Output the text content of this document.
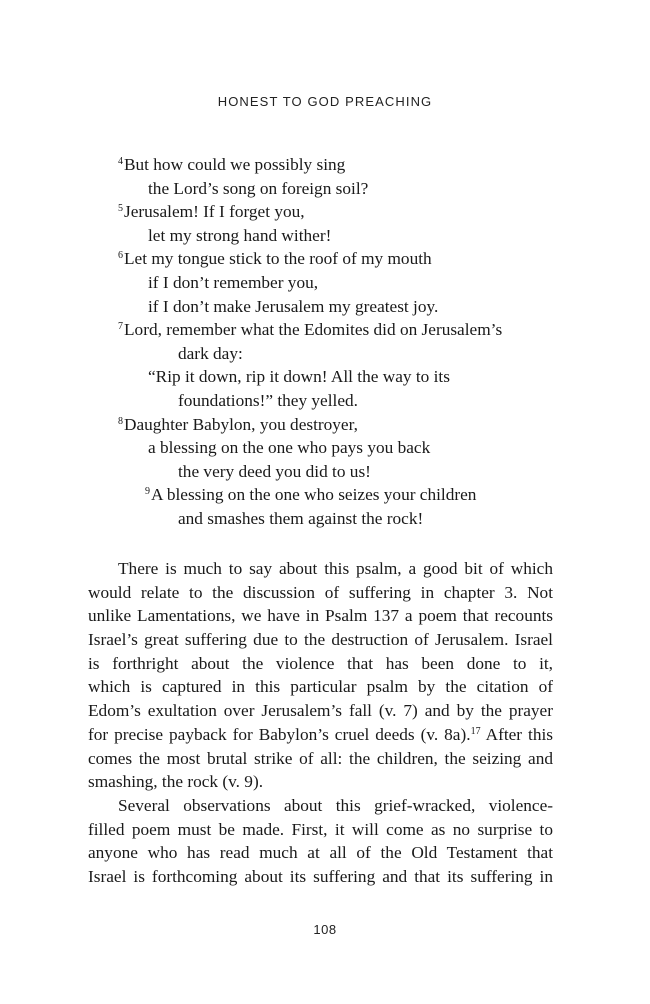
HONEST TO GOD PREACHING
$^4$But how could we possibly sing
the Lord’s song on foreign soil?
$^5$Jerusalem! If I forget you,
let my strong hand wither!
$^6$Let my tongue stick to the roof of my mouth
if I don’t remember you,
if I don’t make Jerusalem my greatest joy.
$^7$Lord, remember what the Edomites did on Jerusalem’s
dark day:
“Rip it down, rip it down! All the way to its
foundations!” they yelled.
$^8$Daughter Babylon, you destroyer,
a blessing on the one who pays you back
the very deed you did to us!
$^9$A blessing on the one who seizes your children
and smashes them against the rock!
There is much to say about this psalm, a good bit of which
would relate to the discussion of suffering in chapter 3. Not
unlike Lamentations, we have in Psalm 137 a poem that recounts
Israel’s great suffering due to the destruction of Jerusalem. Israel
is forthright about the violence that has been done to it,
which is captured in this particular psalm by the citation of
Edom’s exultation over Jerusalem’s fall (v. 7) and by the prayer
for precise payback for Babylon’s cruel deeds (v. 8a).$^{17}$ After this
comes the most brutal strike of all: the children, the seizing and
smashing, the rock (v. 9).
Several observations about this grief-wracked, violence-
filled poem must be made. First, it will come as no surprise to
anyone who has read much at all of the Old Testament that
Israel is forthcoming about its suffering and that its suffering in
108
